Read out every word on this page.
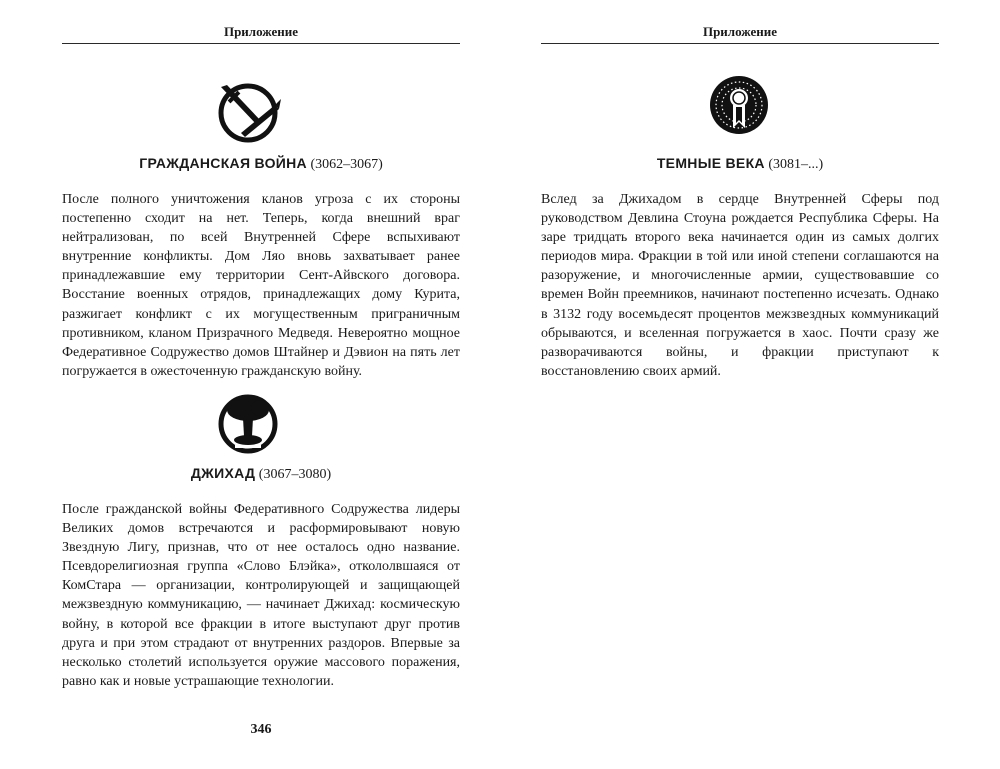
Приложение
ГРАЖДАНСКАЯ ВОЙНА (3062–3067)

После полного уничтожения кланов угроза с их стороны постепенно сходит на нет. Теперь, когда внешний враг нейтрализован, по всей Внутренней Сфере вспыхивают внутренние конфликты. Дом Ляо вновь захватывает ранее принадлежавшие ему территории Сент-Айвского договора. Восстание военных отрядов, принадлежащих дому Курита, разжигает конфликт с их могущественным приграничным противником, кланом Призрачного Медведя. Невероятно мощное Федеративное Содружество домов Штайнер и Дэвион на пять лет погружается в ожесточенную гражданскую войну.

ДЖИХАД (3067–3080)

После гражданской войны Федеративного Содружества лидеры Великих домов встречаются и расформировывают новую Звездную Лигу, признав, что от нее осталось одно название. Псевдорелигиозная группа «Слово Блэйка», откололвшаяся от КомСтара — организации, контролирующей и защищающей межзвездную коммуникацию, — начинает Джихад: космическую войну, в которой все фракции в итоге выступают друг против друга и при этом страдают от внутренних раздоров. Впервые за несколько столетий используется оружие массового поражения, равно как и новые устрашающие технологии.

346
Приложение
ТЕМНЫЕ ВЕКА (3081–...)

Вслед за Джихадом в сердце Внутренней Сферы под руководством Девлина Стоуна рождается Республика Сферы. На заре тридцать второго века начинается один из самых долгих периодов мира. Фракции в той или иной степени соглашаются на разоружение, и многочисленные армии, существовавшие со времен Войн преемников, начинают постепенно исчезать. Однако в 3132 году восемьдесят процентов межзвездных коммуникаций обрываются, и вселенная погружается в хаос. Почти сразу же разворачиваются войны, и фракции приступают к восстановлению своих армий.
